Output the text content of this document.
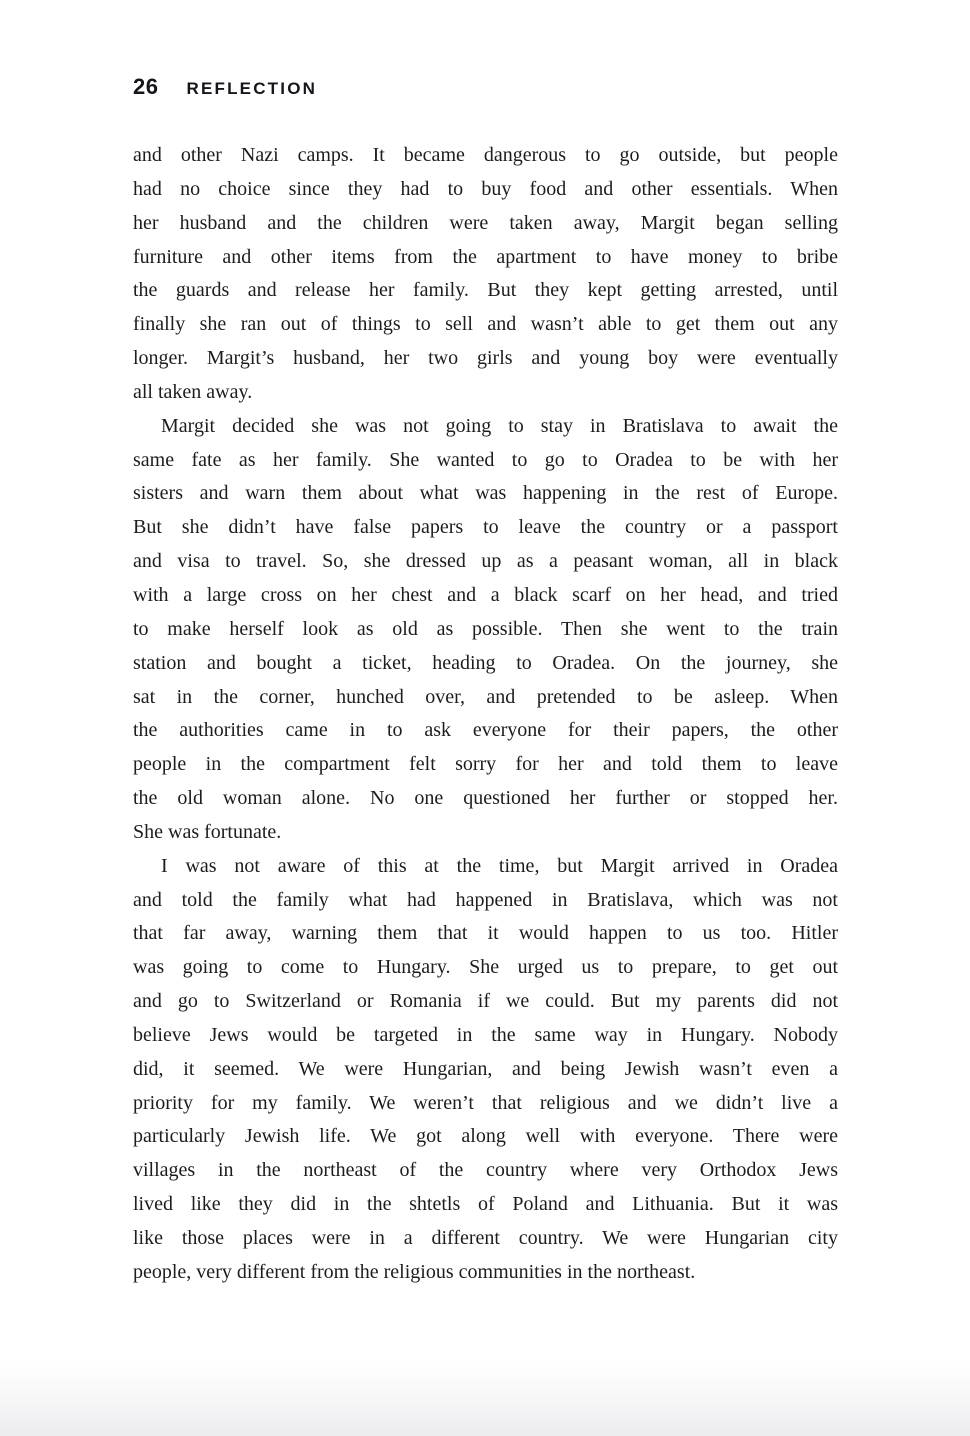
26 REFLECTION
and other Nazi camps. It became dangerous to go outside, but people
had no choice since they had to buy food and other essentials. When
her husband and the children were taken away, Margit began selling
furniture and other items from the apartment to have money to bribe
the guards and release her family. But they kept getting arrested, until
finally she ran out of things to sell and wasn’t able to get them out any
longer. Margit’s husband, her two girls and young boy were eventually
all taken away.
Margit decided she was not going to stay in Bratislava to await the
same fate as her family. She wanted to go to Oradea to be with her
sisters and warn them about what was happening in the rest of Europe.
But she didn’t have false papers to leave the country or a passport
and visa to travel. So, she dressed up as a peasant woman, all in black
with a large cross on her chest and a black scarf on her head, and tried
to make herself look as old as possible. Then she went to the train
station and bought a ticket, heading to Oradea. On the journey, she
sat in the corner, hunched over, and pretended to be asleep. When
the authorities came in to ask everyone for their papers, the other
people in the compartment felt sorry for her and told them to leave
the old woman alone. No one questioned her further or stopped her.
She was fortunate.
I was not aware of this at the time, but Margit arrived in Oradea
and told the family what had happened in Bratislava, which was not
that far away, warning them that it would happen to us too. Hitler
was going to come to Hungary. She urged us to prepare, to get out
and go to Switzerland or Romania if we could. But my parents did not
believe Jews would be targeted in the same way in Hungary. Nobody
did, it seemed. We were Hungarian, and being Jewish wasn’t even a
priority for my family. We weren’t that religious and we didn’t live a
particularly Jewish life. We got along well with everyone. There were
villages in the northeast of the country where very Orthodox Jews
lived like they did in the shtetls of Poland and Lithuania. But it was
like those places were in a different country. We were Hungarian city
people, very different from the religious communities in the northeast.
